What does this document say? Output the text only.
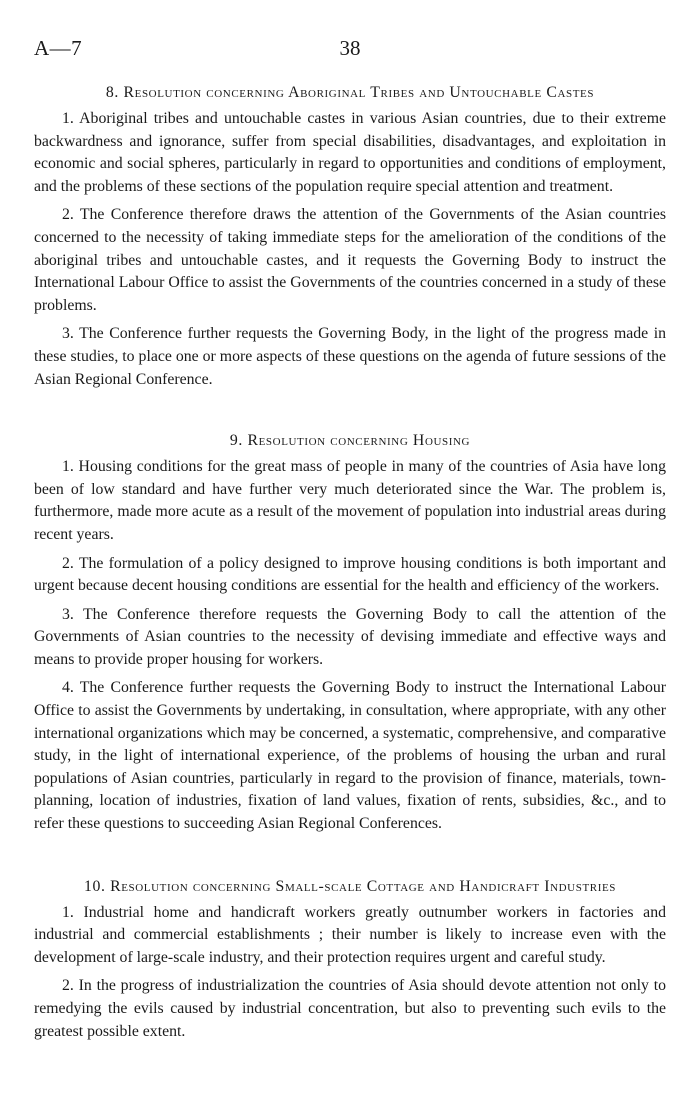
A—7	38
8. Resolution concerning Aboriginal Tribes and Untouchable Castes

1. Aboriginal tribes and untouchable castes in various Asian countries, due to their extreme backwardness and ignorance, suffer from special disabilities, disadvantages, and exploitation in economic and social spheres, particularly in regard to opportunities and conditions of employment, and the problems of these sections of the population require special attention and treatment.

2. The Conference therefore draws the attention of the Governments of the Asian countries concerned to the necessity of taking immediate steps for the amelioration of the conditions of the aboriginal tribes and untouchable castes, and it requests the Governing Body to instruct the International Labour Office to assist the Governments of the countries concerned in a study of these problems.

3. The Conference further requests the Governing Body, in the light of the progress made in these studies, to place one or more aspects of these questions on the agenda of future sessions of the Asian Regional Conference.

9. Resolution concerning Housing

1. Housing conditions for the great mass of people in many of the countries of Asia have long been of low standard and have further very much deteriorated since the War. The problem is, furthermore, made more acute as a result of the movement of population into industrial areas during recent years.

2. The formulation of a policy designed to improve housing conditions is both important and urgent because decent housing conditions are essential for the health and efficiency of the workers.

3. The Conference therefore requests the Governing Body to call the attention of the Governments of Asian countries to the necessity of devising immediate and effective ways and means to provide proper housing for workers.

4. The Conference further requests the Governing Body to instruct the International Labour Office to assist the Governments by undertaking, in consultation, where appropriate, with any other international organizations which may be concerned, a systematic, comprehensive, and comparative study, in the light of international experience, of the problems of housing the urban and rural populations of Asian countries, particularly in regard to the provision of finance, materials, town-planning, location of industries, fixation of land values, fixation of rents, subsidies, &c., and to refer these questions to succeeding Asian Regional Conferences.

10. Resolution concerning Small-scale Cottage and Handicraft Industries

1. Industrial home and handicraft workers greatly outnumber workers in factories and industrial and commercial establishments ; their number is likely to increase even with the development of large-scale industry, and their protection requires urgent and careful study.

2. In the progress of industrialization the countries of Asia should devote attention not only to remedying the evils caused by industrial concentration, but also to preventing such evils to the greatest possible extent.
